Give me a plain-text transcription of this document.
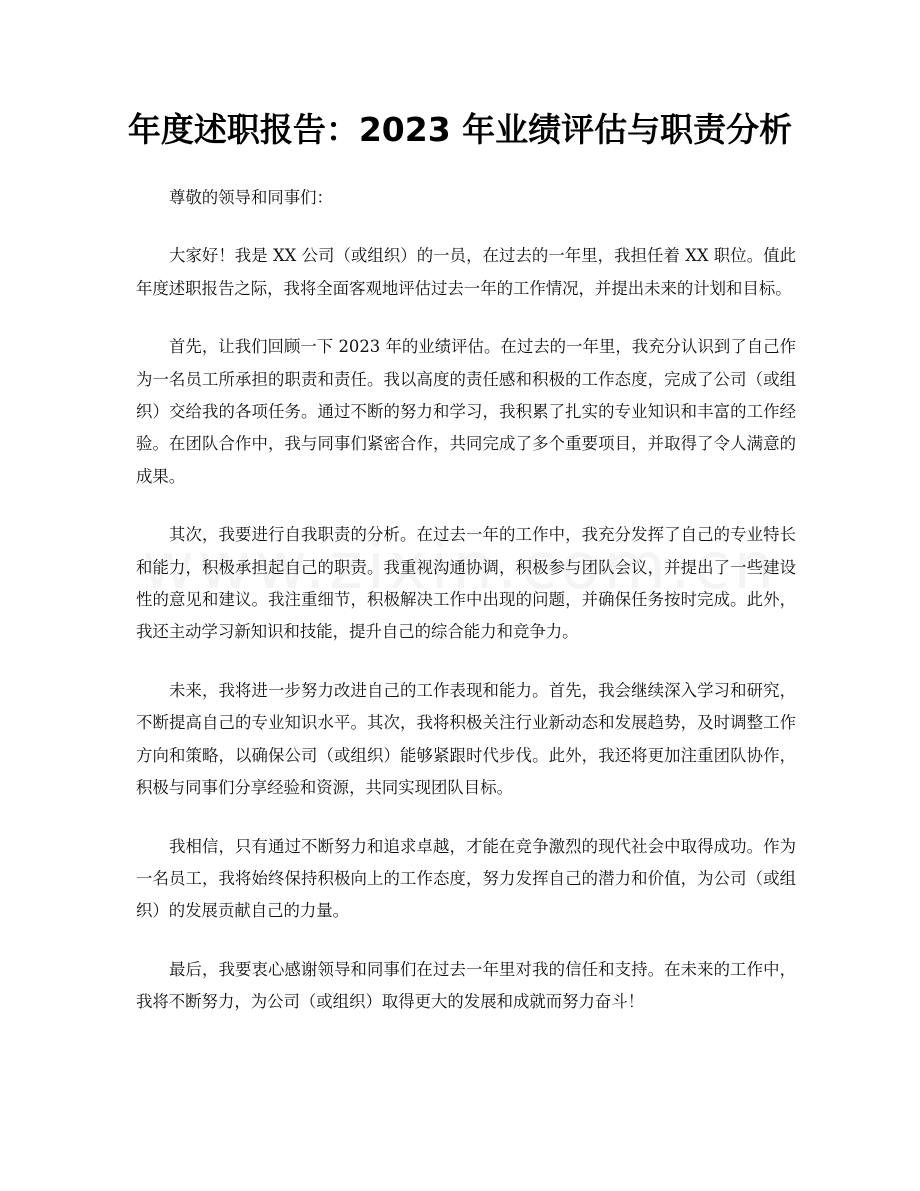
年度述职报告：2023 年业绩评估与职责分析

尊敬的领导和同事们：

大家好！我是 XX 公司（或组织）的一员，在过去的一年里，我担任着 XX 职位。值此年度述职报告之际，我将全面客观地评估过去一年的工作情况，并提出未来的计划和目标。

首先，让我们回顾一下 2023 年的业绩评估。在过去的一年里，我充分认识到了自己作为一名员工所承担的职责和责任。我以高度的责任感和积极的工作态度，完成了公司（或组织）交给我的各项任务。通过不断的努力和学习，我积累了扎实的专业知识和丰富的工作经验。在团队合作中，我与同事们紧密合作，共同完成了多个重要项目，并取得了令人满意的成果。

其次，我要进行自我职责的分析。在过去一年的工作中，我充分发挥了自己的专业特长和能力，积极承担起自己的职责。我重视沟通协调，积极参与团队会议，并提出了一些建设性的意见和建议。我注重细节，积极解决工作中出现的问题，并确保任务按时完成。此外，我还主动学习新知识和技能，提升自己的综合能力和竞争力。

未来，我将进一步努力改进自己的工作表现和能力。首先，我会继续深入学习和研究，不断提高自己的专业知识水平。其次，我将积极关注行业新动态和发展趋势，及时调整工作方向和策略，以确保公司（或组织）能够紧跟时代步伐。此外，我还将更加注重团队协作，积极与同事们分享经验和资源，共同实现团队目标。

我相信，只有通过不断努力和追求卓越，才能在竞争激烈的现代社会中取得成功。作为一名员工，我将始终保持积极向上的工作态度，努力发挥自己的潜力和价值，为公司（或组织）的发展贡献自己的力量。

最后，我要衷心感谢领导和同事们在过去一年里对我的信任和支持。在未来的工作中，我将不断努力，为公司（或组织）取得更大的发展和成就而努力奋斗！
